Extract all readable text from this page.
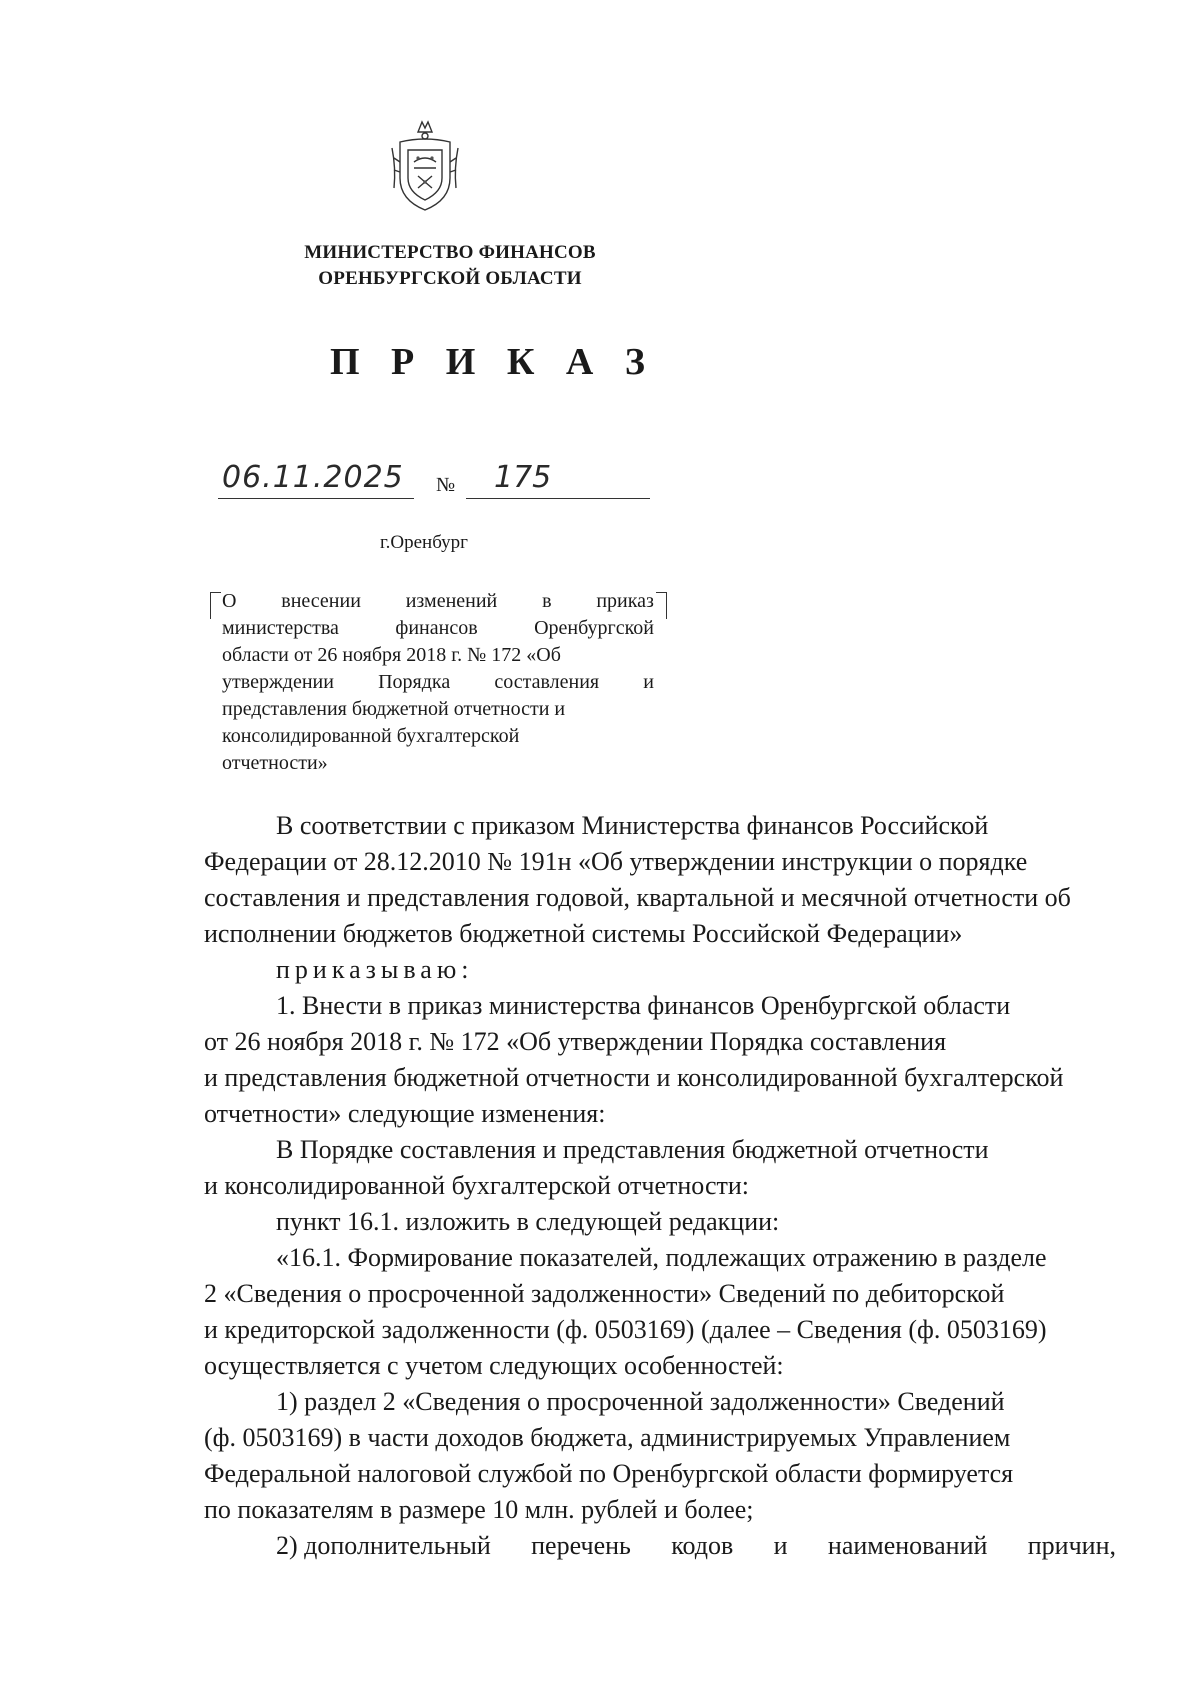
МИНИСТЕРСТВО ФИНАНСОВ
ОРЕНБУРГСКОЙ ОБЛАСТИ
П Р И К А З
06.11.2025 № 175
г.Оренбург
О внесении изменений в приказ
министерства	финансов	Оренбургской
области от 26 ноября 2018 г. № 172 «Об
утверждении Порядка составления и
представления бюджетной отчетности и
консолидированной бухгалтерской
отчетности»
В соответствии с приказом Министерства финансов Российской
Федерации от 28.12.2010 № 191н «Об утверждении инструкции о порядке
составления и представления годовой, квартальной и месячной отчетности об
исполнении бюджетов бюджетной системы Российской Федерации»
приказываю:
1. Внести в приказ министерства финансов Оренбургской области
от 26 ноября 2018 г. № 172 «Об утверждении Порядка составления
и представления бюджетной отчетности и консолидированной бухгалтерской
отчетности» следующие изменения:
В Порядке составления и представления бюджетной отчетности
и консолидированной бухгалтерской отчетности:
пункт 16.1. изложить в следующей редакции:
«16.1. Формирование показателей, подлежащих отражению в разделе
2 «Сведения о просроченной задолженности» Сведений по дебиторской
и кредиторской задолженности (ф. 0503169) (далее – Сведения (ф. 0503169)
осуществляется с учетом следующих особенностей:
1) раздел 2 «Сведения о просроченной задолженности» Сведений
(ф. 0503169) в части доходов бюджета, администрируемых Управлением
Федеральной налоговой службой по Оренбургской области формируется
по показателям в размере 10 млн. рублей и более;
2) дополнительный перечень кодов и наименований причин,
